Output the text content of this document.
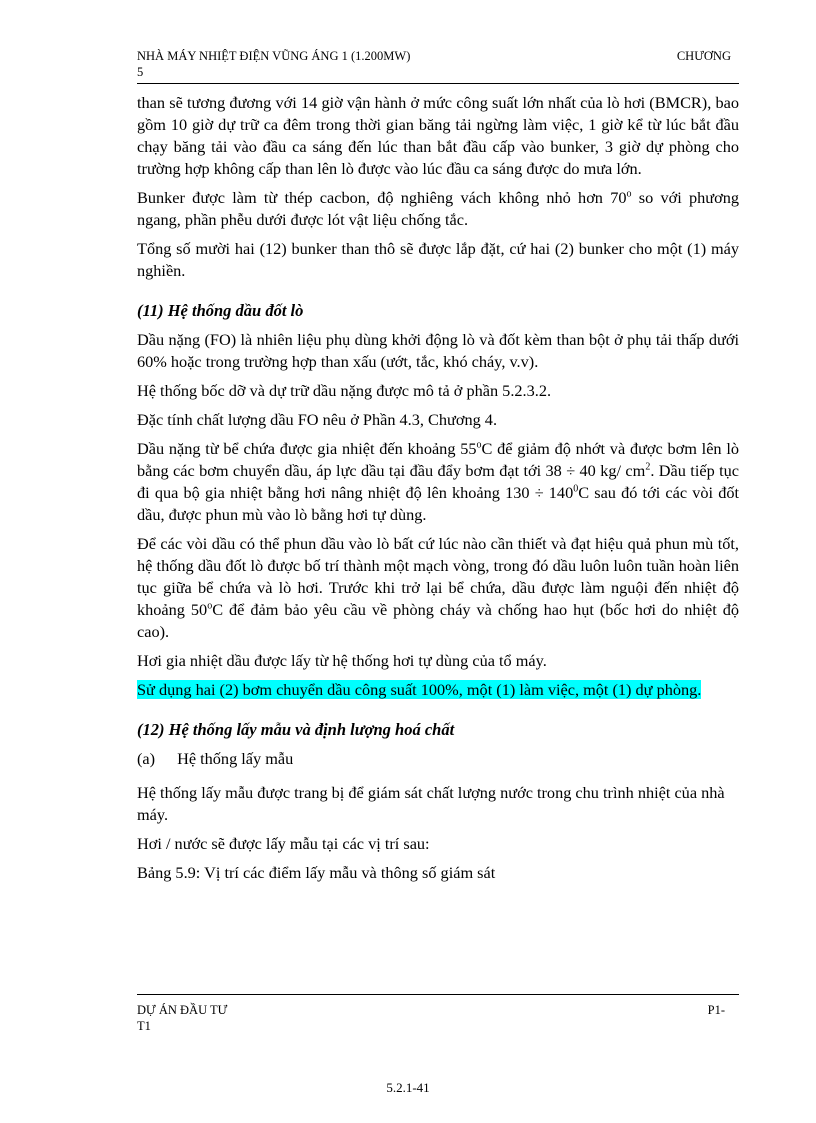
NHÀ MÁY NHIỆT ĐIỆN VŨNG ÁNG 1 (1.200MW)	CHƯƠNG
5

than sẽ tương đương với 14 giờ vận hành ở mức công suất lớn nhất của lò hơi (BMCR), bao gồm 10 giờ dự trữ ca đêm trong thời gian băng tải ngừng làm việc, 1 giờ kể từ lúc bắt đầu chạy băng tải vào đầu ca sáng đến lúc than bắt đầu cấp vào bunker, 3 giờ dự phòng cho trường hợp không cấp than lên lò được vào lúc đầu ca sáng được do mưa lớn.

Bunker được làm từ thép cacbon, độ nghiêng vách không nhỏ hơn 70$^o$ so với phương ngang, phần phễu dưới được lót vật liệu chống tắc.

Tổng số mười hai (12) bunker than thô sẽ được lắp đặt, cứ hai (2) bunker cho một (1) máy nghiền.

(11) Hệ thống dầu đốt lò

Dầu nặng (FO) là nhiên liệu phụ dùng khởi động lò và đốt kèm than bột ở phụ tải thấp dưới 60% hoặc trong trường hợp than xấu (ướt, tắc, khó cháy, v.v).

Hệ thống bốc dỡ và dự trữ dầu nặng được mô tả ở phần 5.2.3.2.

Đặc tính chất lượng dầu FO nêu ở Phần 4.3, Chương 4.

Dầu nặng từ bể chứa được gia nhiệt đến khoảng 55$^o$C để giảm độ nhớt và được bơm lên lò bằng các bơm chuyển dầu, áp lực dầu tại đầu đẩy bơm đạt tới 38 ÷ 40 kg/ $cm^2$. Dầu tiếp tục đi qua bộ gia nhiệt bằng hơi nâng nhiệt độ lên khoảng $130 \div 140^0C$ sau đó tới các vòi đốt dầu, được phun mù vào lò bằng hơi tự dùng.

Để các vòi dầu có thể phun dầu vào lò bất cứ lúc nào cần thiết và đạt hiệu quả phun mù tốt, hệ thống dầu đốt lò được bố trí thành một mạch vòng, trong đó dầu luôn luôn tuần hoàn liên tục giữa bể chứa và lò hơi. Trước khi trở lại bể chứa, dầu được làm nguội đến nhiệt độ khoảng 50$^o$C để đảm bảo yêu cầu về phòng cháy và chống hao hụt (bốc hơi do nhiệt độ cao).

Hơi gia nhiệt dầu được lấy từ hệ thống hơi tự dùng của tổ máy.

Sử dụng hai (2) bơm chuyển dầu công suất 100%, một (1) làm việc, một (1) dự phòng.

(12) Hệ thống lấy mẫu và định lượng hoá chất
(a) Hệ thống lấy mẫu

Hệ thống lấy mẫu được trang bị để giám sát chất lượng nước trong chu trình nhiệt của nhà máy.

Hơi / nước sẽ được lấy mẫu tại các vị trí sau:

Bảng 5.9: Vị trí các điểm lấy mẫu và thông số giám sát

DỰ ÁN ĐẦU TƯ
T1
P1-
5.2.1-41
